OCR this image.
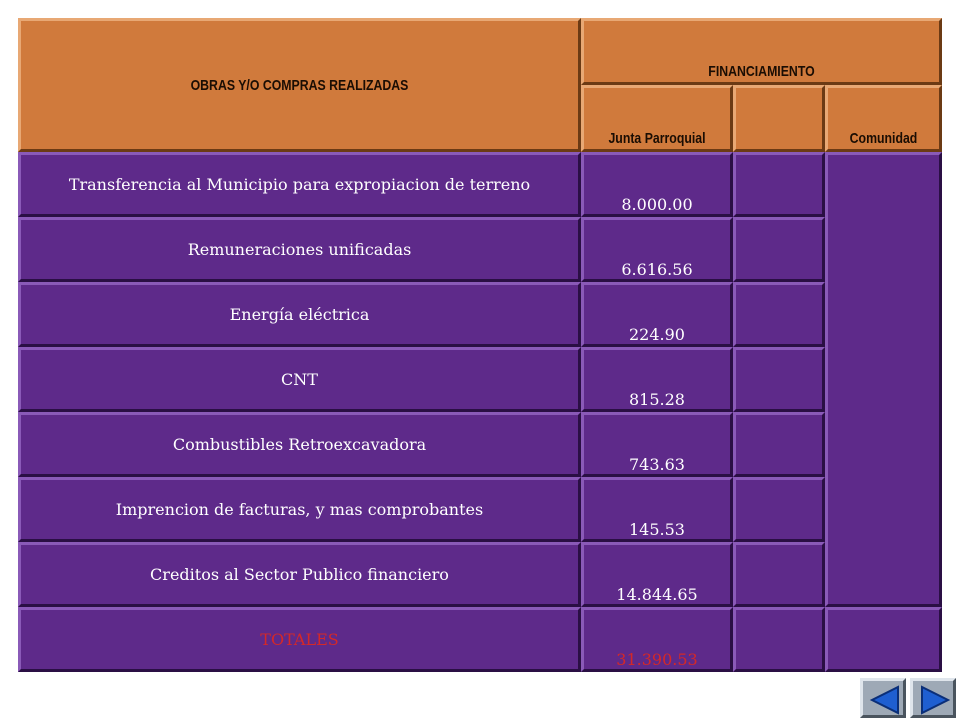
OBRAS Y/O COMPRAS REALIZADAS
FINANCIAMIENTO
Junta Parroquial	Comunidad
Transferencia al Municipio para expropiacion de terreno
8.000.00
Remuneraciones unificadas
6.616.56
Energía eléctrica
224.90
CNT
815.28
Combustibles Retroexcavadora
743.63
Imprencion de facturas, y mas comprobantes
145.53
Creditos al Sector Publico financiero
14.844.65
TOTALES
31.390.53
